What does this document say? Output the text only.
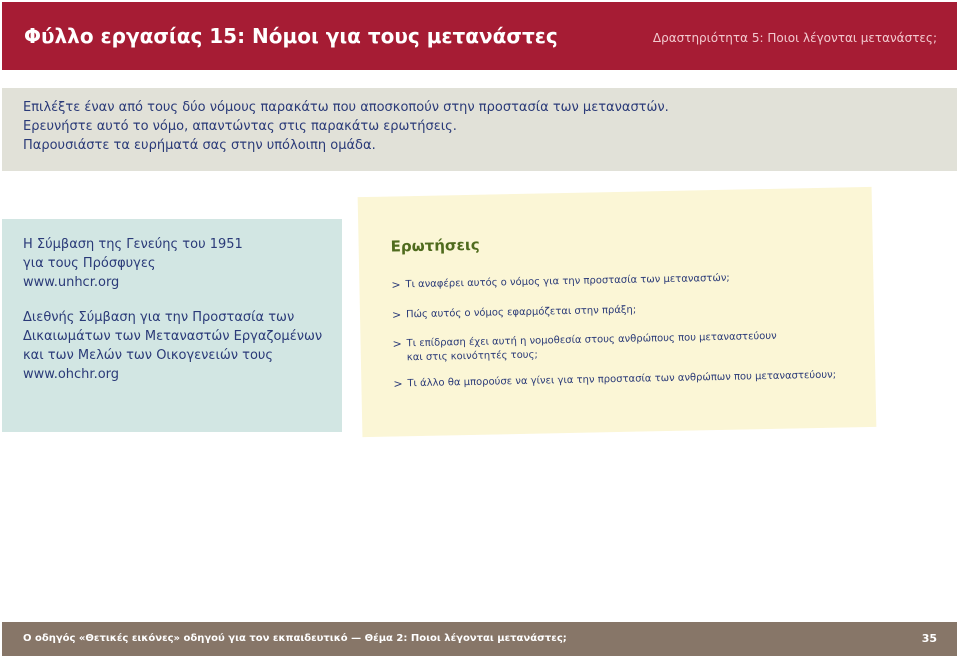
Φύλλο εργασίας 15: Νόμοι για τους μετανάστες	Δραστηριότητα 5: Ποιοι λέγονται μετανάστες;
Επιλέξτε έναν από τους δύο νόμους παρακάτω που αποσκοπούν στην προστασία των μεταναστών.
Ερευνήστε αυτό το νόμο, απαντώντας στις παρακάτω ερωτήσεις.
Παρουσιάστε τα ευρήματά σας στην υπόλοιπη ομάδα.
Η Σύμβαση της Γενεύης του 1951
για τους Πρόσφυγες
www.unhcr.org
Διεθνής Σύμβαση για την Προστασία των
Δικαιωμάτων των Μεταναστών Εργαζομένων
και των Μελών των Οικογενειών τους
www.ohchr.org
Ερωτήσεις
> Τι αναφέρει αυτός ο νόμος για την προστασία των μεταναστών;
> Πώς αυτός ο νόμος εφαρμόζεται στην πράξη;
> Τι επίδραση έχει αυτή η νομοθεσία στους ανθρώπους που μεταναστεύουν
και στις κοινότητές τους;
> Τι άλλο θα μπορούσε να γίνει για την προστασία των ανθρώπων που μεταναστεύουν;
Ο οδηγός «Θετικές εικόνες» οδηγού για τον εκπαιδευτικό — Θέμα 2: Ποιοι λέγονται μετανάστες;	35
